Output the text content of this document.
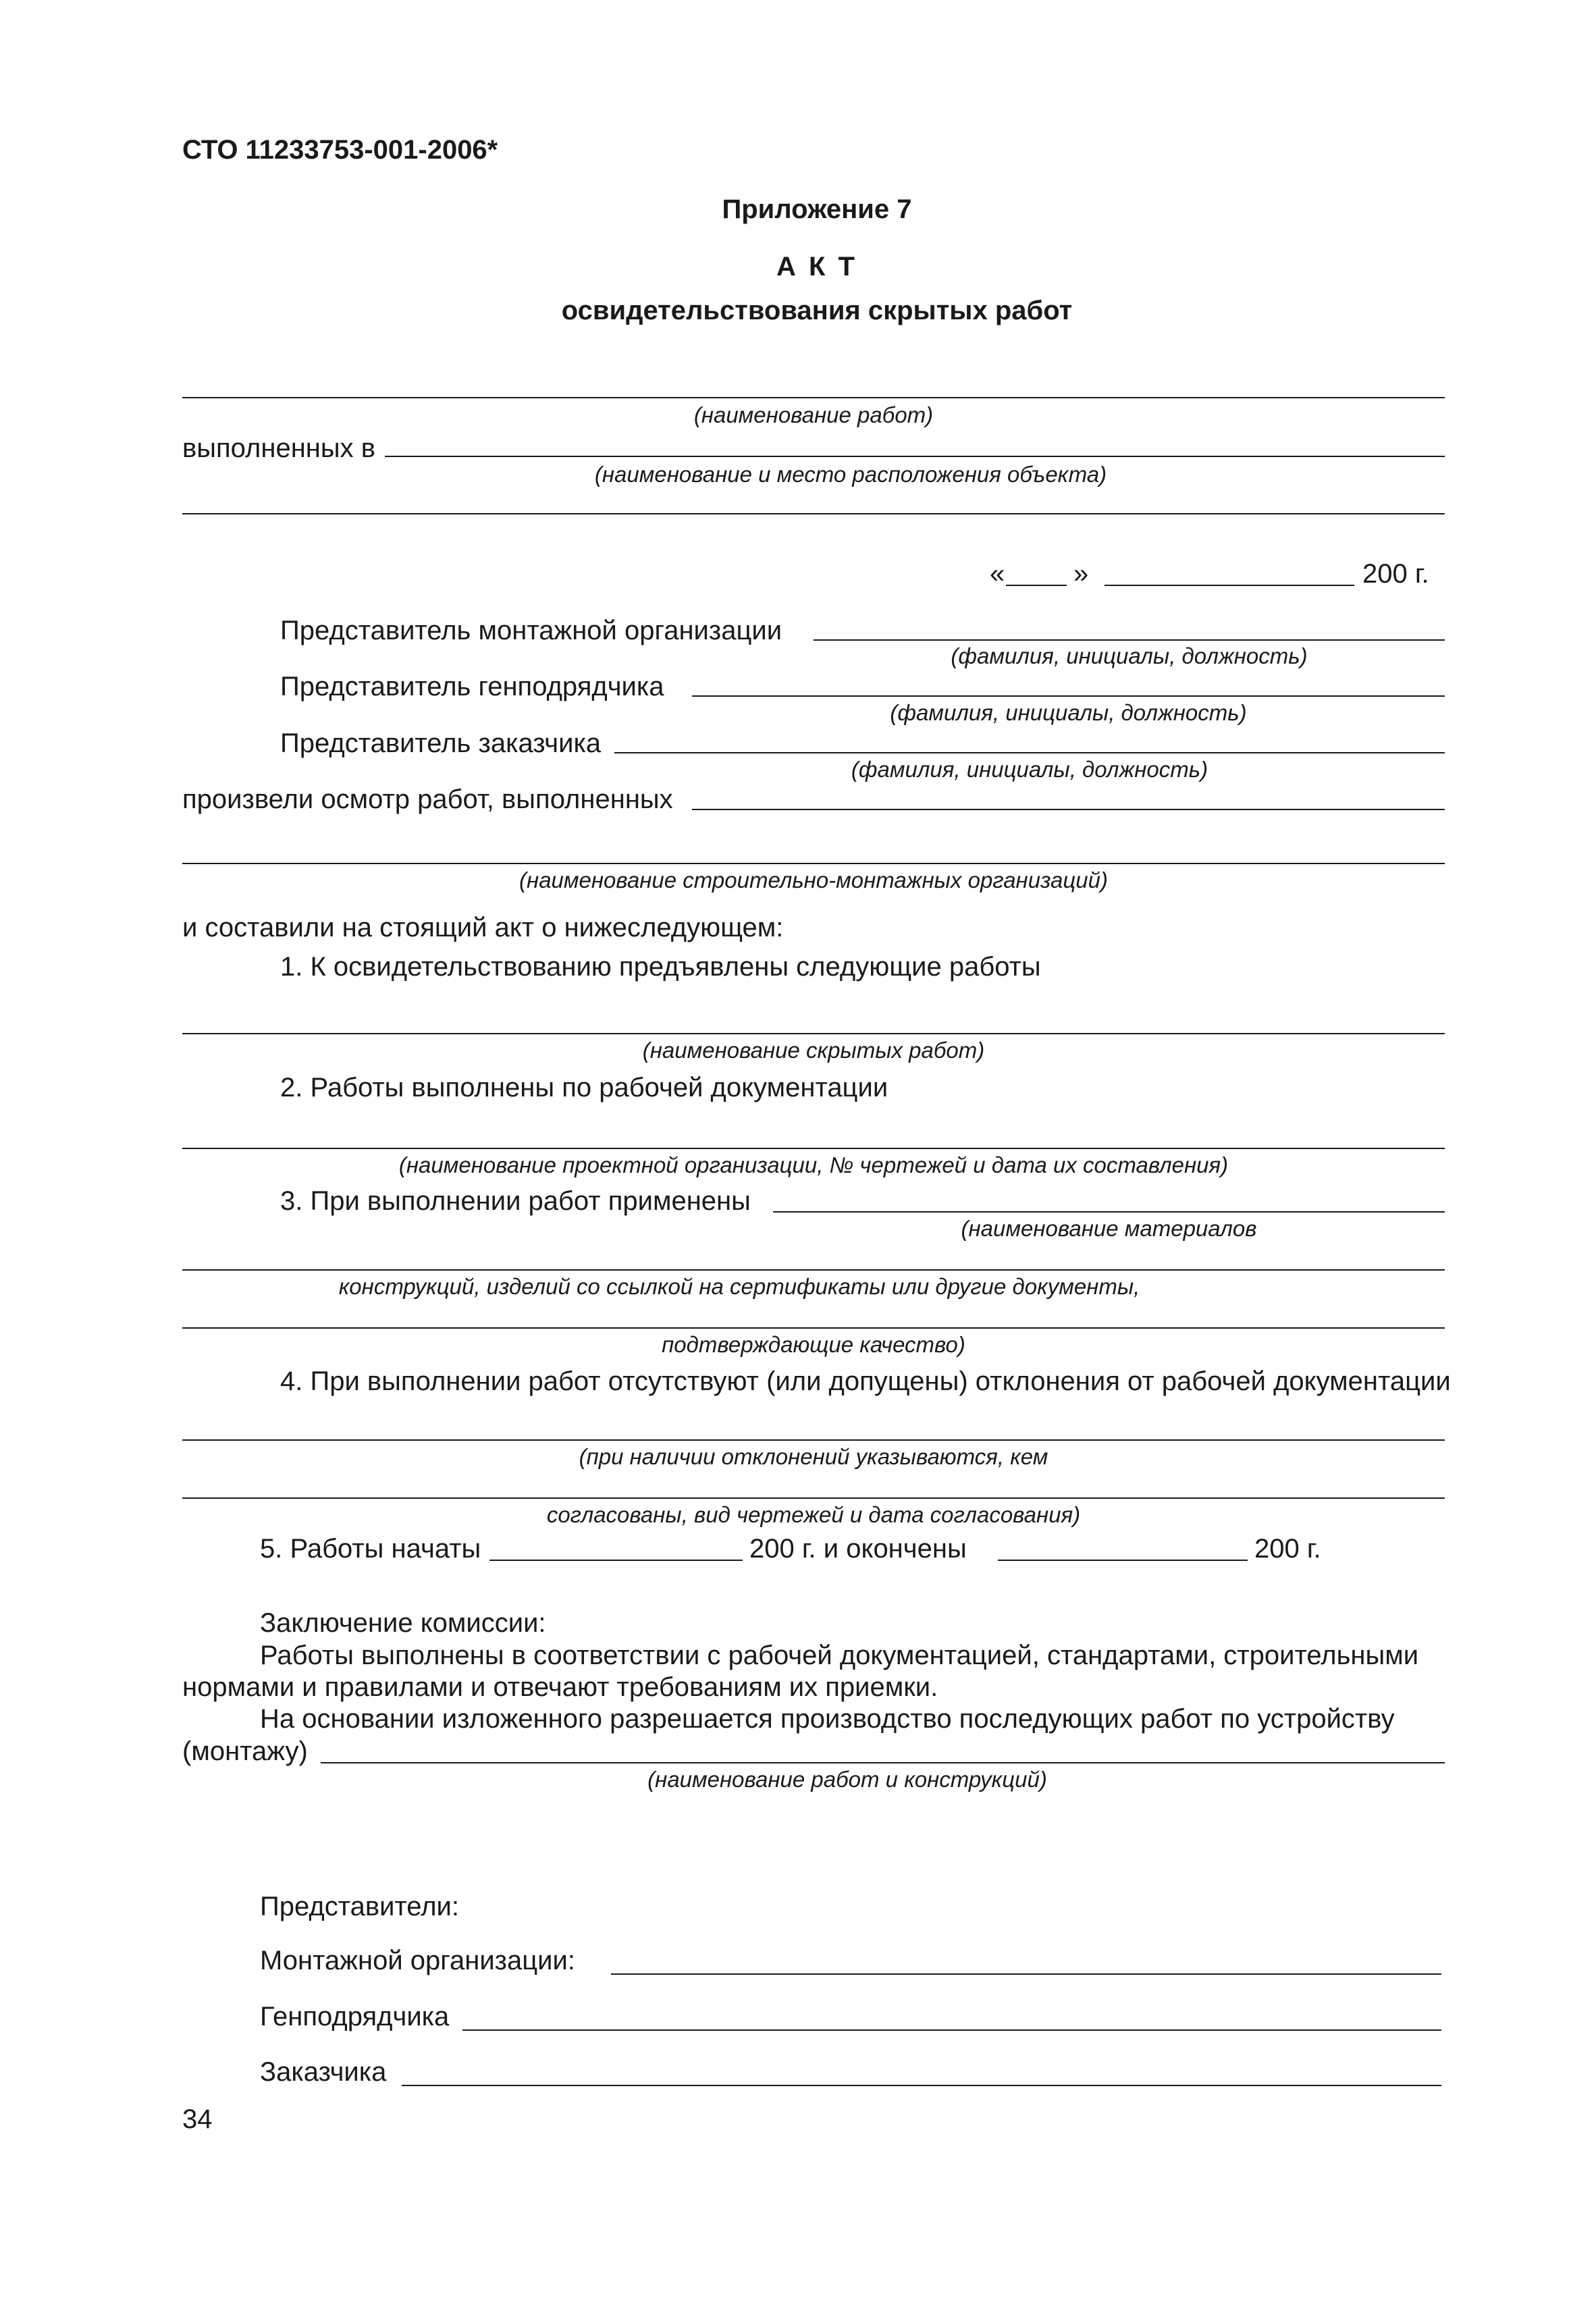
СТО 11233753-001-2006*
Приложение 7
А К Т
освидетельствования скрытых работ
(наименование работ)
выполненных в
(наименование и место расположения объекта)
«	»	200 г.
Представитель монтажной организации
(фамилия, инициалы, должность)
Представитель генподрядчика
(фамилия, инициалы, должность)
Представитель заказчика
(фамилия, инициалы, должность)
произвели осмотр работ, выполненных
(наименование строительно-монтажных организаций)
и составили на стоящий акт о нижеследующем:
1. К освидетельствованию предъявлены следующие работы
(наименование скрытых работ)
2. Работы выполнены по рабочей документации
(наименование проектной организации, № чертежей и дата их составления)
3. При выполнении работ применены
(наименование материалов
конструкций, изделий со ссылкой на сертификаты или другие документы,
подтверждающие качество)
4. При выполнении работ отсутствуют (или допущены) отклонения от рабочей документации
(при наличии отклонений указываются, кем
согласованы, вид чертежей и дата согласования)
5. Работы начаты	200 г. и окончены	200 г.
Заключение комиссии:
Работы выполнены в соответствии с рабочей документацией, стандартами, строительными
нормами и правилами и отвечают требованиям их приемки.
На основании изложенного разрешается производство последующих работ по устройству
(монтажу)
(наименование работ и конструкций)
Представители:
Монтажной организации:
Генподрядчика
Заказчика
34
